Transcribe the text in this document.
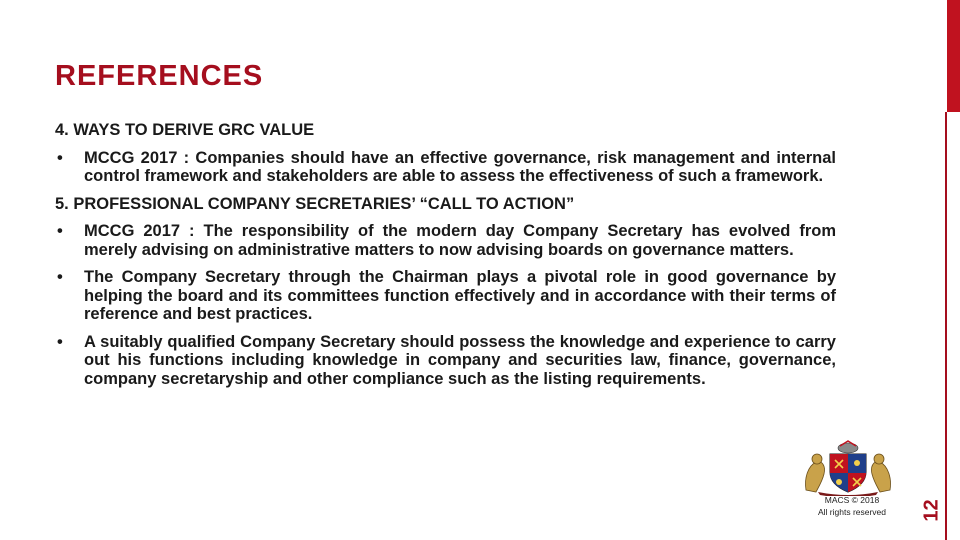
REFERENCES
4. WAYS TO DERIVE GRC VALUE
•	MCCG 2017 : Companies should have an effective governance, risk management and internal control framework and stakeholders are able to assess the effectiveness of such a framework.
5. PROFESSIONAL COMPANY SECRETARIES’ “CALL TO ACTION”
•	MCCG 2017 : The responsibility of the modern day Company Secretary has evolved from merely advising on administrative matters to now advising boards on governance matters.
•	The Company Secretary through the Chairman plays a pivotal role in good governance by helping the board and its committees function effectively and in accordance with their terms of reference and best practices.
•	A suitably qualified Company Secretary should possess the knowledge and experience to carry out his functions including knowledge in company and securities law, finance, governance, company secretaryship and other compliance such as the listing requirements.
MACS © 2018
All rights reserved	12
